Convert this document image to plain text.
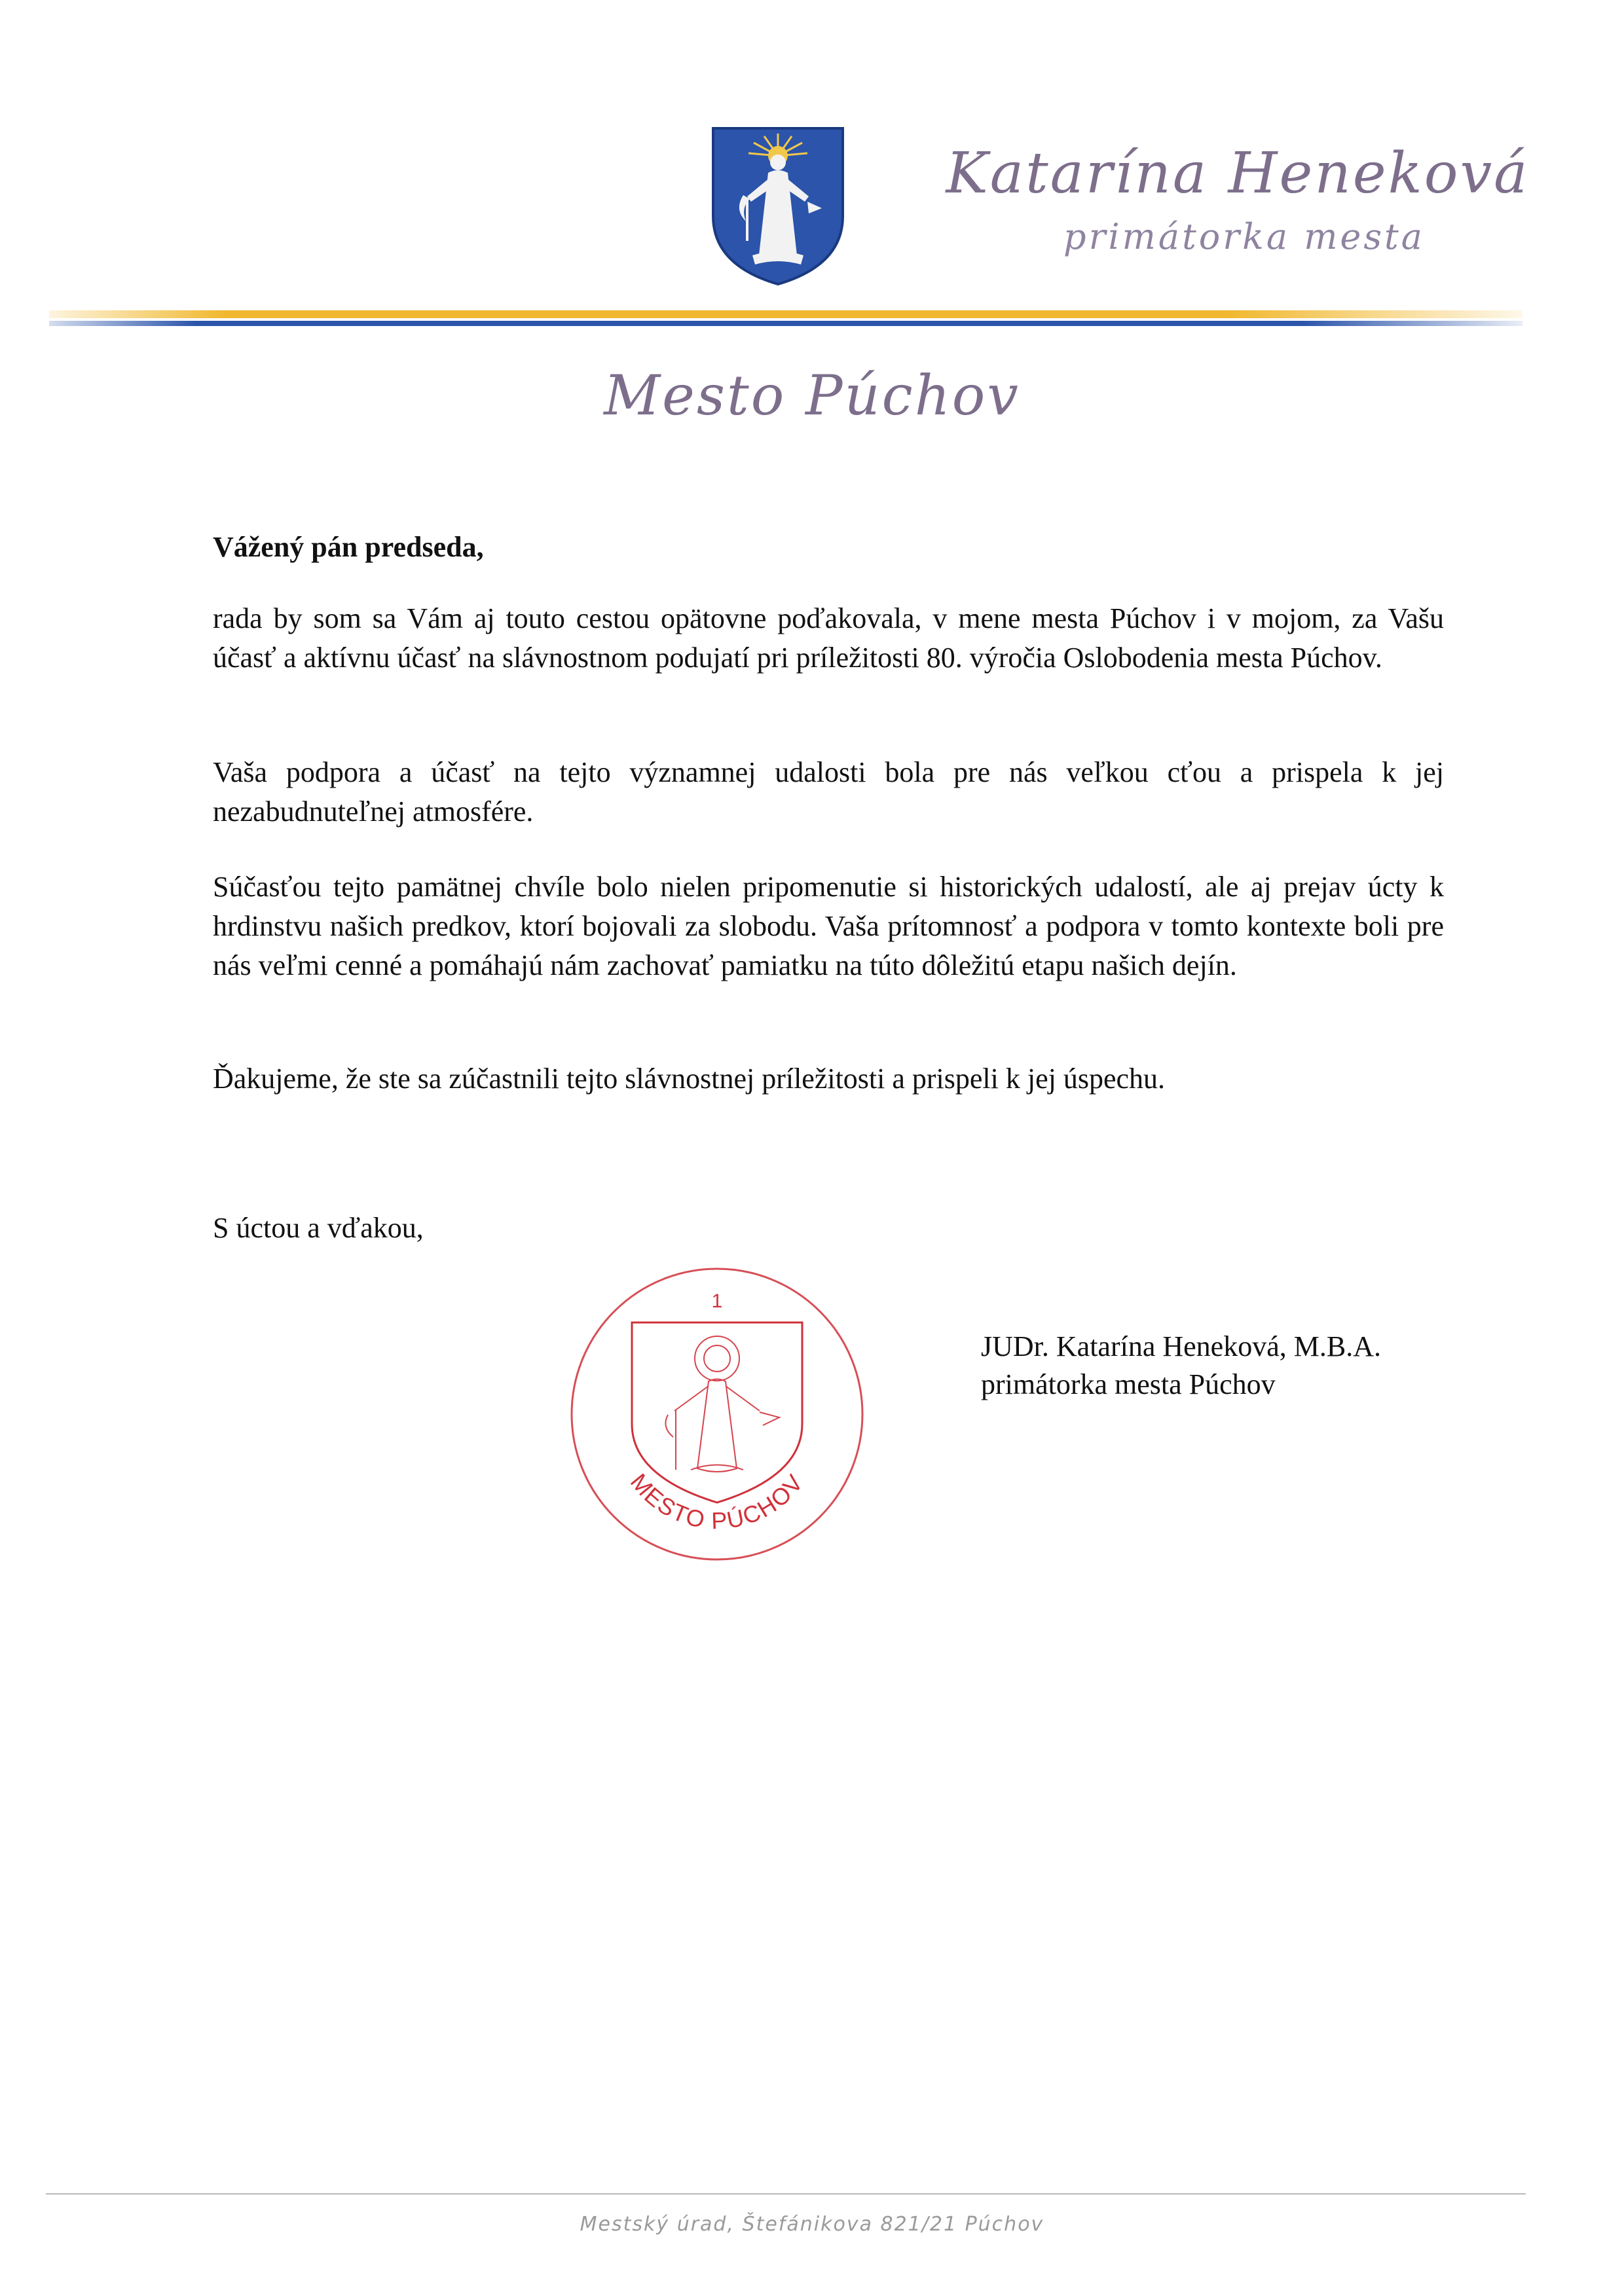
Katarína Heneková
primátorka mesta
Mesto Púchov
Vážený pán predseda,

rada by som sa Vám aj touto cestou opätovne poďakovala, v mene mesta Púchov i v mojom, za Vašu účasť a aktívnu účasť na slávnostnom podujatí pri príležitosti 80. výročia Oslobodenia mesta Púchov.

Vaša podpora a účasť na tejto významnej udalosti bola pre nás veľkou cťou a prispela k jej nezabudnuteľnej atmosfére.

Súčasťou tejto pamätnej chvíle bolo nielen pripomenutie si historických udalostí, ale aj prejav úcty k hrdinstvu našich predkov, ktorí bojovali za slobodu. Vaša prítomnosť a podpora v tomto kontexte boli pre nás veľmi cenné a pomáhajú nám zachovať pamiatku na túto dôležitú etapu našich dejín.

Ďakujeme, že ste sa zúčastnili tejto slávnostnej príležitosti a prispeli k jej úspechu.

S úctou a vďakou,
1
MESTO PÚCHOV
JUDr. Katarína Heneková, M.B.A.
primátorka mesta Púchov
Mestský úrad, Štefánikova 821/21 Púchov
